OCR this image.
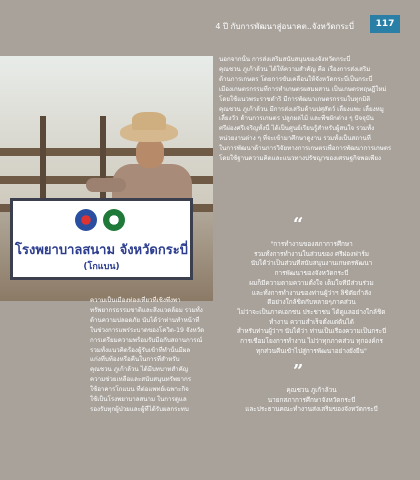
4 ปี กับการพัฒนาสู่อนาคต..จังหวัดกระบี่	117
โรงพยาบาลสนาม จังหวัดกระบี่
(โกแบน)
นอกจากนั้น การส่งเสริมสนับสนุนของจังหวัดกระบี่
คุณชวน ภูเก้าล้วน ได้ให้ความสำคัญ คือ เรื่องการส่งเสริม
ด้านการเกษตร โดยการขับเคลื่อนให้จังหวัดกระบี่เป็นกระบี่
เมืองเกษตรกรรมที่การทำเกษตรผสมผสาน เป็นเกษตรทฤษฎีใหม่
โดยใช้แนวพระราชดำริ มีการพัฒนาเกษตรกรรมในทุกมิติ
คุณชวน ภูเก้าล้วน มีการส่งเสริมด้านปศุสัตว์ เลี้ยงแพะ เลี้ยงหมู
เลี้ยงวัว ด้านการเกษตร ปลูกผลไม้ และพืชผักต่าง ๆ ปัจจุบัน
ศรีผ่องศรีเจริญทั้งนี้ ได้เป็นศูนย์เรียนรู้สำหรับผู้สนใจ รวมทั้ง
หน่วยงานต่าง ๆ ที่จะเข้ามาศึกษาดูงาน รวมทั้งเป็นสถานที่
ในการพัฒนาด้านการวิจัยทางการเกษตรเพื่อการพัฒนาการเกษตร
โดยใช้ฐานความคิดและแนวทางปรัชญาของเศรษฐกิจพอเพียง
ความเป็นเมืองท่องเที่ยวที่เชิงพึ่งพา
ทรัพยากรธรรมชาติและสิ่งแวดล้อม รวมทั้ง
ด้านความปลอดภัย นับได้ว่าท่านทำหน้าที่
ในช่วงการแพร่ระบาดของโควิด-19 จังหวัด
การเตรียมความพร้อมรับมือกับสถานการณ์
รวมทั้งแนวคิดร้องผู้รับเข้าที่ทำนั้นมีผล
แก่งที่บท้องหรือคืนในการที่สำหรับ
คุณชวน ภูเก้าล้วน ได้มีบทบาทสำคัญ
ความช่วยเหลือและสนับสนุนทรัพยากร
ใช้อาคารโกแบน ที่ต่อแพทย์เฉพาะกิจ
ใช้เป็นโรงพยาบาลสนาม ในการดูแล
รองรับทุกผู้ป่วยและผู้ที่ได้รับผลกระทบ
“
"การทำงานของสภาการศึกษา
รวมทั้งการทำงานในส่วนของ ศรีผ่องฟาร์ม
นับได้ว่าเป็นส่วนที่สนับสนุนงานเกษตรพัฒนา
การพัฒนาของจังหวัดกระบี่
ผมก็มีความตามความตั้งใจ เต็มใจที่มีส่วนร่วม
และทั้งการทำงานของท่านผู้ว่าฯ ลิชิตัยกำลัง
ดีอย่างใกล้ชิดกับหลายๆภาคส่วน
ไม่ว่าจะเป็นภาคเอกชน ประชาชน ได้ดูแลอย่างใกล้ชิด
ทำงาน ความสำเร็จตั้งแต่ต้นได้
สำหรับท่านผู้ว่าฯ นับได้ว่า ท่านเป็นเรื่องความเป็นกระบี่
การเชื่อมโยงการทำงาน ไม่ว่าทุกภาคส่วน ทุกองค์กร
ทุกส่วนคืนเข้าไปสู่การพัฒนาอย่างยั่งยืน"
”
คุณชวน ภูเก้าล้วน
นายกสภาการศึกษาจังหวัดกระบี่
และประธานคณะทำงานส่งเสริมของจังหวัดกระบี่
